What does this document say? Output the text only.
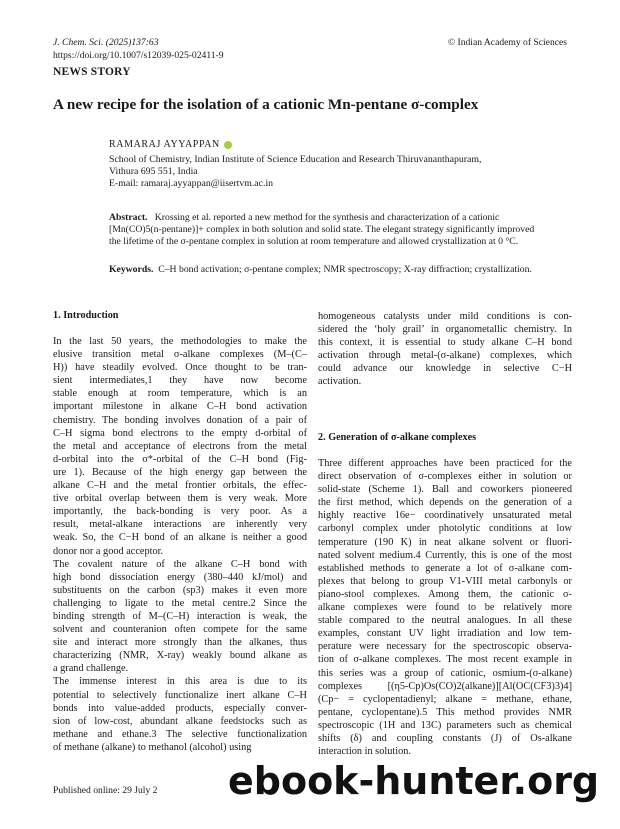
J. Chem. Sci. (2025)137:63
https://doi.org/10.1007/s12039-025-02411-9
© Indian Academy of Sciences
NEWS STORY
A new recipe for the isolation of a cationic Mn-pentane σ-complex
RAMARAJ AYYAPPAN
School of Chemistry, Indian Institute of Science Education and Research Thiruvananthapuram,
Vithura 695 551, India
E-mail: ramaraj.ayyappan@iisertvm.ac.in
Abstract.   Krossing et al. reported a new method for the synthesis and characterization of a cationic
[Mn(CO)5(n-pentane)]+ complex in both solution and solid state. The elegant strategy significantly improved
the lifetime of the σ-pentane complex in solution at room temperature and allowed crystallization at 0 °C.
Keywords. C–H bond activation; σ-pentane complex; NMR spectroscopy; X-ray diffraction; crystallization.
1. Introduction
In the last 50 years, the methodologies to make the
elusive transition metal σ-alkane complexes (M–(C–
H)) have steadily evolved. Once thought to be tran-
sient intermediates,1 they have now become
stable enough at room temperature, which is an
important milestone in alkane C–H bond activation
chemistry. The bonding involves donation of a pair of
C–H sigma bond electrons to the empty d-orbital of
the metal and acceptance of electrons from the metal
d-orbital into the σ*-orbital of the C–H bond (Fig-
ure 1). Because of the high energy gap between the
alkane C–H and the metal frontier orbitals, the effec-
tive orbital overlap between them is very weak. More
importantly, the back-bonding is very poor. As a
result, metal-alkane interactions are inherently very
weak. So, the C−H bond of an alkane is neither a good
donor nor a good acceptor.
The covalent nature of the alkane C–H bond with
high bond dissociation energy (380–440 kJ/mol) and
substituents on the carbon (sp3) makes it even more
challenging to ligate to the metal centre.2 Since the
binding strength of M–(C–H) interaction is weak, the
solvent and counteranion often compete for the same
site and interact more strongly than the alkanes, thus
characterizing (NMR, X-ray) weakly bound alkane as
a grand challenge.
The immense interest in this area is due to its
potential to selectively functionalize inert alkane C–H
bonds into value-added products, especially conver-
sion of low-cost, abundant alkane feedstocks such as
methane and ethane.3 The selective functionalization
of methane (alkane) to methanol (alcohol) using
homogeneous catalysts under mild conditions is con-
sidered the ‘holy grail’ in organometallic chemistry. In
this context, it is essential to study alkane C–H bond
activation through metal-(σ-alkane) complexes, which
could advance our knowledge in selective C−H
activation.
2. Generation of σ-alkane complexes
Three different approaches have been practiced for the
direct observation of σ-complexes either in solution or
solid-state (Scheme 1). Ball and coworkers pioneered
the first method, which depends on the generation of a
highly reactive 16e− coordinatively unsaturated metal
carbonyl complex under photolytic conditions at low
temperature (190 K) in neat alkane solvent or fluori-
nated solvent medium.4 Currently, this is one of the most
established methods to generate a lot of σ-alkane com-
plexes that belong to group V1-VIII metal carbonyls or
piano-stool complexes. Among them, the cationic σ-
alkane complexes were found to be relatively more
stable compared to the neutral analogues. In all these
examples, constant UV light irradiation and low tem-
perature were necessary for the spectroscopic observa-
tion of σ-alkane complexes. The most recent example in
this series was a group of cationic, osmium-(σ-alkane)
complexes [(η5-Cp)Os(CO)2(alkane)][Al(OC(CF3)3)4]
(Cp− = cyclopentadienyl; alkane = methane, ethane,
pentane, cyclopentane).5 This method provides NMR
spectroscopic (1H and 13C) parameters such as chemical
shifts (δ) and coupling constants (J) of Os-alkane
interaction in solution.
Published online: 29 July 2 ebook-hunter.org
